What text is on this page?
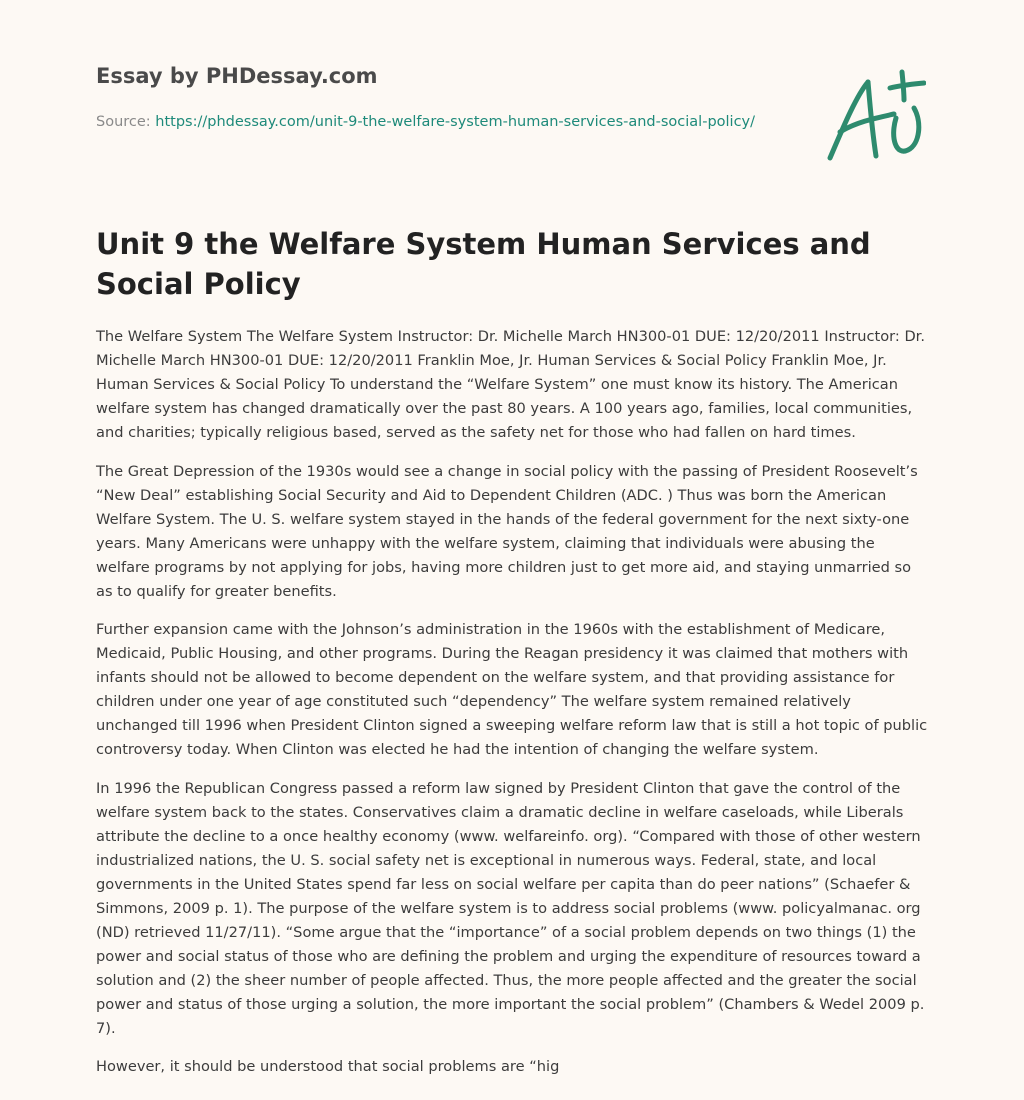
Essay by PHDessay.com

Source: https://phdessay.com/unit-9-the-welfare-system-human-services-and-social-policy/

Unit 9 the Welfare System Human Services and Social Policy

The Welfare System The Welfare System Instructor: Dr. Michelle March HN300-01 DUE: 12/20/2011 Instructor: Dr. Michelle March HN300-01 DUE: 12/20/2011 Franklin Moe, Jr. Human Services & Social Policy Franklin Moe, Jr. Human Services & Social Policy To understand the “Welfare System” one must know its history. The American welfare system has changed dramatically over the past 80 years. A 100 years ago, families, local communities, and charities; typically religious based, served as the safety net for those who had fallen on hard times.

The Great Depression of the 1930s would see a change in social policy with the passing of President Roosevelt’s “New Deal” establishing Social Security and Aid to Dependent Children (ADC. ) Thus was born the American Welfare System. The U. S. welfare system stayed in the hands of the federal government for the next sixty-one years. Many Americans were unhappy with the welfare system, claiming that individuals were abusing the welfare programs by not applying for jobs, having more children just to get more aid, and staying unmarried so as to qualify for greater benefits.

Further expansion came with the Johnson’s administration in the 1960s with the establishment of Medicare, Medicaid, Public Housing, and other programs. During the Reagan presidency it was claimed that mothers with infants should not be allowed to become dependent on the welfare system, and that providing assistance for children under one year of age constituted such “dependency” The welfare system remained relatively unchanged till 1996 when President Clinton signed a sweeping welfare reform law that is still a hot topic of public controversy today. When Clinton was elected he had the intention of changing the welfare system.

In 1996 the Republican Congress passed a reform law signed by President Clinton that gave the control of the welfare system back to the states. Conservatives claim a dramatic decline in welfare caseloads, while Liberals attribute the decline to a once healthy economy (www. welfareinfo. org). “Compared with those of other western industrialized nations, the U. S. social safety net is exceptional in numerous ways. Federal, state, and local governments in the United States spend far less on social welfare per capita than do peer nations” (Schaefer & Simmons, 2009 p. 1). The purpose of the welfare system is to address social problems (www. policyalmanac. org (ND) retrieved 11/27/11). “Some argue that the “importance” of a social problem depends on two things (1) the power and social status of those who are defining the problem and urging the expenditure of resources toward a solution and (2) the sheer number of people affected. Thus, the more people affected and the greater the social power and status of those urging a solution, the more important the social problem” (Chambers & Wedel 2009 p. 7).

However, it should be understood that social problems are “hig
